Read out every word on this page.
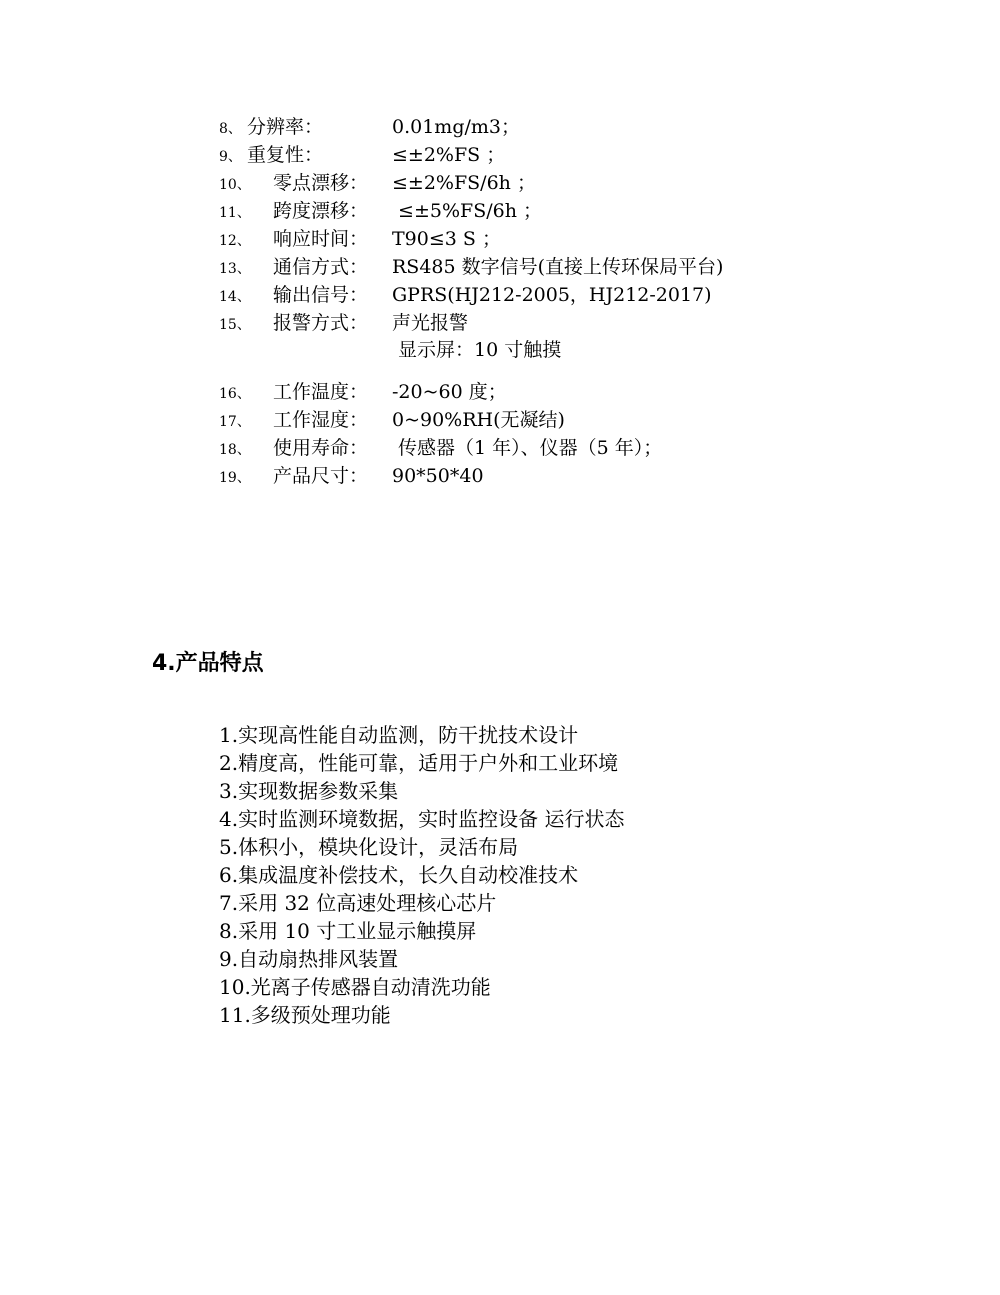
8、 分辨率：	0.01mg/m3；
9、 重复性：	≤±2%FS ；
10、 零点漂移： ≤±2%FS/6h ；
11、 跨度漂移： ≤±5%FS/6h ；
12、 响应时间： T90≤3 S ；
13、 通信方式： RS485 数字信号(直接上传环保局平台)
14、 输出信号： GPRS(HJ212-2005，HJ212-2017)
15、 报警方式： 声光报警
显示屏：10 寸触摸
16、 工作温度： -20~60 度；
17、 工作湿度： 0~90%RH(无凝结)
18、 使用寿命： 传感器（1 年）、仪器（5 年）；
19、 产品尺寸： 90*50*40
4.产品特点
1.实现高性能自动监测，防干扰技术设计
2.精度高，性能可靠，适用于户外和工业环境
3.实现数据参数采集
4.实时监测环境数据，实时监控设备 运行状态
5.体积小，模块化设计，灵活布局
6.集成温度补偿技术，长久自动校准技术
7.采用 32 位高速处理核心芯片
8.采用 10 寸工业显示触摸屏
9.自动扇热排风装置
10.光离子传感器自动清洗功能
11.多级预处理功能
